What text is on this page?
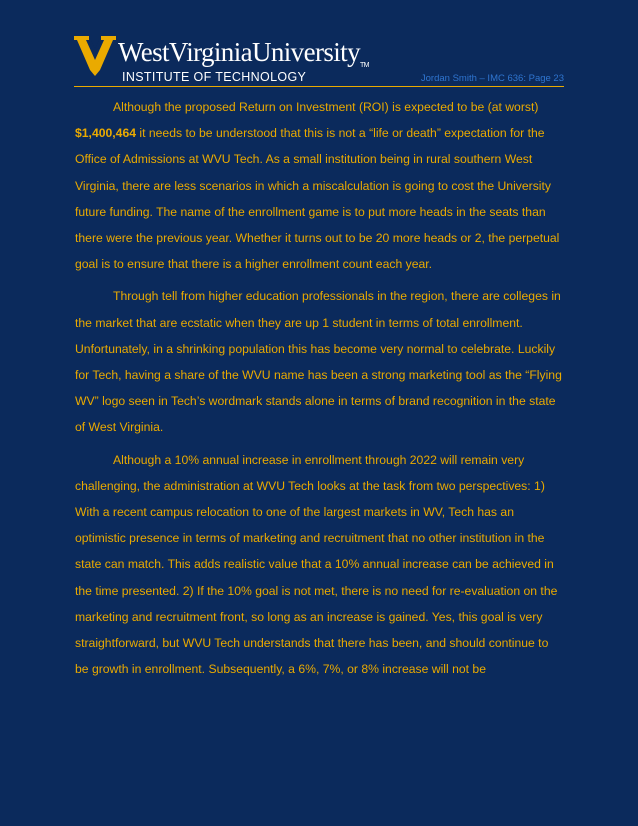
WestVirginiaUniversity™
INSTITUTE OF TECHNOLOGY	Jordan Smith – IMC 636: Page 23

Although the proposed Return on Investment (ROI) is expected to be (at worst) $1,400,464 it needs to be understood that this is not a “life or death” expectation for the Office of Admissions at WVU Tech. As a small institution being in rural southern West Virginia, there are less scenarios in which a miscalculation is going to cost the University future funding. The name of the enrollment game is to put more heads in the seats than there were the previous year. Whether it turns out to be 20 more heads or 2, the perpetual goal is to ensure that there is a higher enrollment count each year.

Through tell from higher education professionals in the region, there are colleges in the market that are ecstatic when they are up 1 student in terms of total enrollment. Unfortunately, in a shrinking population this has become very normal to celebrate. Luckily for Tech, having a share of the WVU name has been a strong marketing tool as the “Flying WV” logo seen in Tech’s wordmark stands alone in terms of brand recognition in the state of West Virginia.

Although a 10% annual increase in enrollment through 2022 will remain very challenging, the administration at WVU Tech looks at the task from two perspectives: 1) With a recent campus relocation to one of the largest markets in WV, Tech has an optimistic presence in terms of marketing and recruitment that no other institution in the state can match. This adds realistic value that a 10% annual increase can be achieved in the time presented. 2) If the 10% goal is not met, there is no need for re-evaluation on the marketing and recruitment front, so long as an increase is gained. Yes, this goal is very straightforward, but WVU Tech understands that there has been, and should continue to be growth in enrollment. Subsequently, a 6%, 7%, or 8% increase will not be
